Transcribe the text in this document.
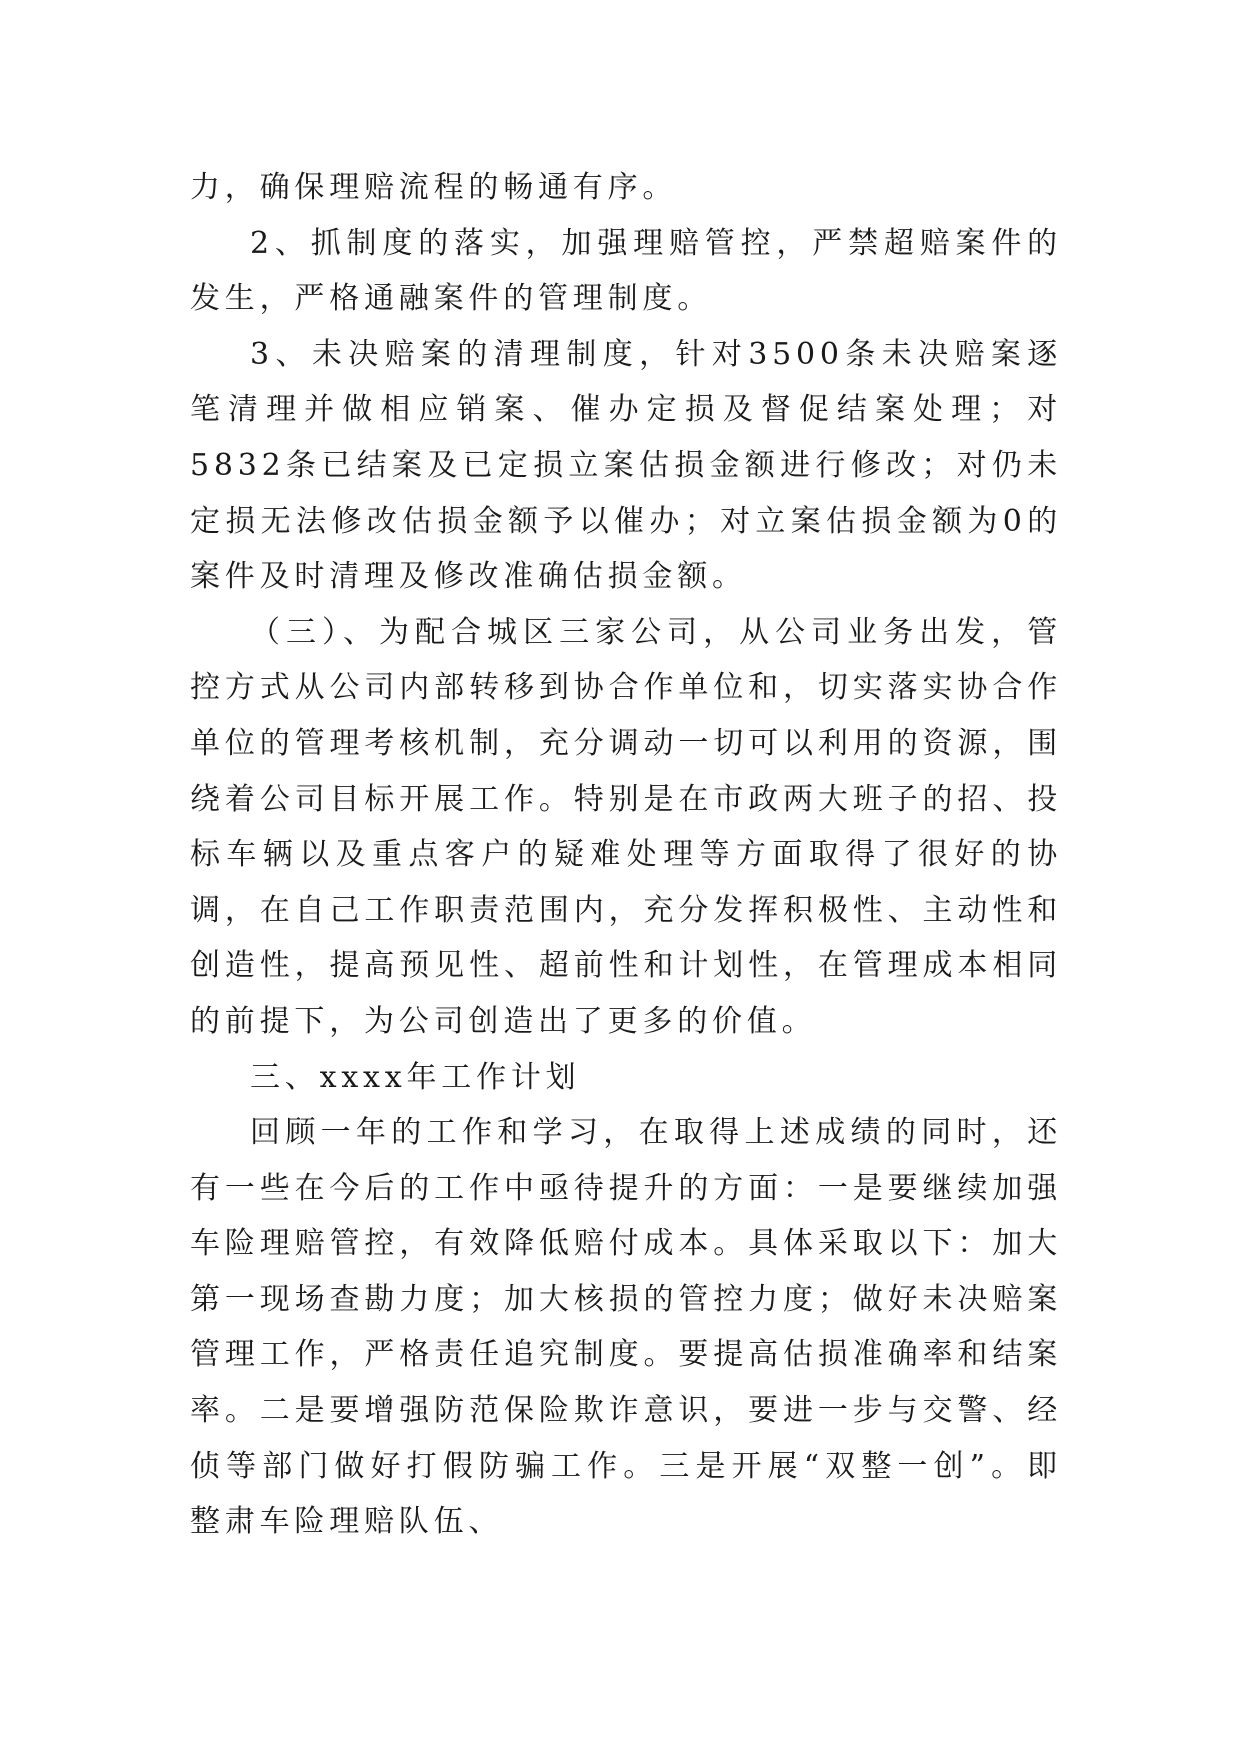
力，确保理赔流程的畅通有序。

2、抓制度的落实，加强理赔管控，严禁超赔案件的发生，严格通融案件的管理制度。

3、未决赔案的清理制度，针对3500条未决赔案逐笔清理并做相应销案、催办定损及督促结案处理；对5832条已结案及已定损立案估损金额进行修改；对仍未定损无法修改估损金额予以催办；对立案估损金额为0的案件及时清理及修改准确估损金额。

（三）、为配合城区三家公司，从公司业务出发，管控方式从公司内部转移到协合作单位和，切实落实协合作单位的管理考核机制，充分调动一切可以利用的资源，围绕着公司目标开展工作。特别是在市政两大班子的招、投标车辆以及重点客户的疑难处理等方面取得了很好的协调，在自己工作职责范围内，充分发挥积极性、主动性和创造性，提高预见性、超前性和计划性，在管理成本相同的前提下，为公司创造出了更多的价值。

三、xxxx年工作计划

回顾一年的工作和学习，在取得上述成绩的同时，还有一些在今后的工作中亟待提升的方面：一是要继续加强车险理赔管控，有效降低赔付成本。具体采取以下：加大第一现场查勘力度；加大核损的管控力度；做好未决赔案管理工作，严格责任追究制度。要提高估损准确率和结案率。二是要增强防范保险欺诈意识，要进一步与交警、经侦等部门做好打假防骗工作。三是开展“双整一创”。即整肃车险理赔队伍、
